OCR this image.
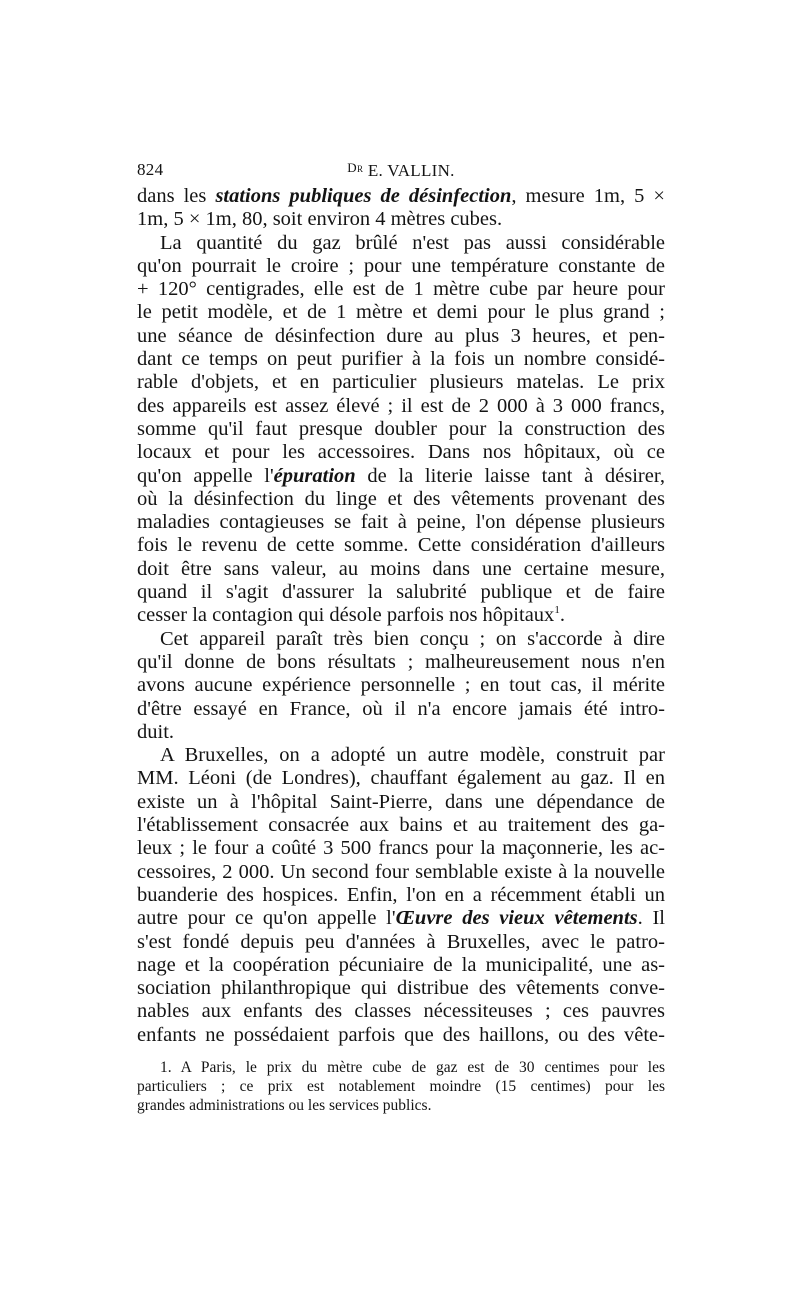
824	$^{Dr}$ E. VALLIN.
dans les stations publiques de désinfection, mesure 1m, 5 ×
1m, 5 × 1m, 80, soit environ 4 mètres cubes.
La quantité du gaz brûlé n'est pas aussi considérable
qu'on pourrait le croire ; pour une température constante de
+ 120° centigrades, elle est de 1 mètre cube par heure pour
le petit modèle, et de 1 mètre et demi pour le plus grand ;
une séance de désinfection dure au plus 3 heures, et pen-
dant ce temps on peut purifier à la fois un nombre considé-
rable d'objets, et en particulier plusieurs matelas. Le prix
des appareils est assez élevé ; il est de 2 000 à 3 000 francs,
somme qu'il faut presque doubler pour la construction des
locaux et pour les accessoires. Dans nos hôpitaux, où ce
qu'on appelle l'épuration de la literie laisse tant à désirer,
où la désinfection du linge et des vêtements provenant des
maladies contagieuses se fait à peine, l'on dépense plusieurs
fois le revenu de cette somme. Cette considération d'ailleurs
doit être sans valeur, au moins dans une certaine mesure,
quand il s'agit d'assurer la salubrité publique et de faire
cesser la contagion qui désole parfois nos hôpitaux$^1$.
Cet appareil paraît très bien conçu ; on s'accorde à dire
qu'il donne de bons résultats ; malheureusement nous n'en
avons aucune expérience personnelle ; en tout cas, il mérite
d'être essayé en France, où il n'a encore jamais été intro-
duit.
A Bruxelles, on a adopté un autre modèle, construit par
MM. Léoni (de Londres), chauffant également au gaz. Il en
existe un à l'hôpital Saint-Pierre, dans une dépendance de
l'établissement consacrée aux bains et au traitement des ga-
leux ; le four a coûté 3 500 francs pour la maçonnerie, les ac-
cessoires, 2 000. Un second four semblable existe à la nouvelle
buanderie des hospices. Enfin, l'on en a récemment établi un
autre pour ce qu'on appelle l'Œuvre des vieux vêtements. Il
s'est fondé depuis peu d'années à Bruxelles, avec le patro-
nage et la coopération pécuniaire de la municipalité, une as-
sociation philanthropique qui distribue des vêtements conve-
nables aux enfants des classes nécessiteuses ; ces pauvres
enfants ne possédaient parfois que des haillons, ou des vête-
1. A Paris, le prix du mètre cube de gaz est de 30 centimes pour les
particuliers ; ce prix est notablement moindre (15 centimes) pour les
grandes administrations ou les services publics.
